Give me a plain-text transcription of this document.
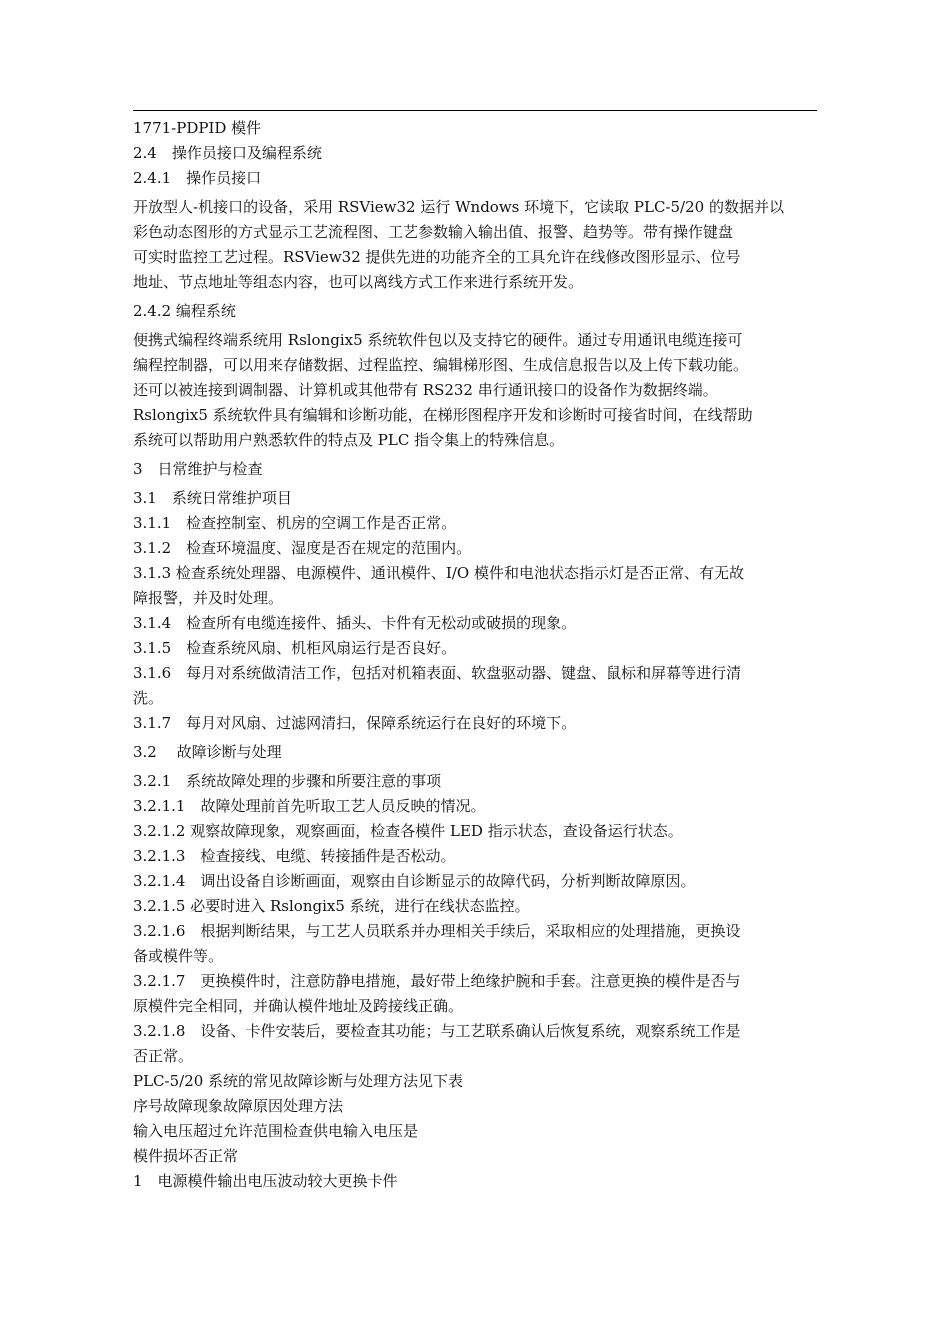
1771-PDPID 模件

2.4　操作员接口及编程系统

2.4.1　操作员接口

开放型人-机接口的设备，采用 RSView32 运行 Wndows 环境下，它读取 PLC-5/20 的数据并以

彩色动态图形的方式显示工艺流程图、工艺参数输入输出值、报警、趋势等。带有操作键盘

可实时监控工艺过程。RSView32 提供先进的功能齐全的工具允许在线修改图形显示、位号

地址、节点地址等组态内容，也可以离线方式工作来进行系统开发。

2.4.2 编程系统

便携式编程终端系统用 Rslongix5 系统软件包以及支持它的硬件。通过专用通讯电缆连接可

编程控制器，可以用来存储数据、过程监控、编辑梯形图、生成信息报告以及上传下载功能。

还可以被连接到调制器、计算机或其他带有 RS232 串行通讯接口的设备作为数据终端。

Rslongix5 系统软件具有编辑和诊断功能，在梯形图程序开发和诊断时可接省时间，在线帮助

系统可以帮助用户熟悉软件的特点及 PLC 指令集上的特殊信息。

3　日常维护与检查

3.1　系统日常维护项目

3.1.1　检查控制室、机房的空调工作是否正常。

3.1.2　检查环境温度、湿度是否在规定的范围内。

3.1.3 检查系统处理器、电源模件、通讯模件、I/O 模件和电池状态指示灯是否正常、有无故

障报警，并及时处理。

3.1.4　检查所有电缆连接件、插头、卡件有无松动或破损的现象。

3.1.5　检查系统风扇、机柜风扇运行是否良好。

3.1.6　每月对系统做清洁工作，包括对机箱表面、软盘驱动器、键盘、鼠标和屏幕等进行清

洗。

3.1.7　每月对风扇、过滤网清扫，保障系统运行在良好的环境下。

3.2　 故障诊断与处理

3.2.1　系统故障处理的步骤和所要注意的事项

3.2.1.1　故障处理前首先听取工艺人员反映的情况。

3.2.1.2 观察故障现象，观察画面，检查各模件 LED 指示状态，查设备运行状态。

3.2.1.3　检查接线、电缆、转接插件是否松动。

3.2.1.4　调出设备自诊断画面，观察由自诊断显示的故障代码，分析判断故障原因。

3.2.1.5 必要时进入 Rslongix5 系统，进行在线状态监控。

3.2.1.6　根据判断结果，与工艺人员联系并办理相关手续后，采取相应的处理措施，更换设

备或模件等。

3.2.1.7　更换模件时，注意防静电措施，最好带上绝缘护腕和手套。注意更换的模件是否与

原模件完全相同，并确认模件地址及跨接线正确。

3.2.1.8　设备、卡件安装后，要检查其功能；与工艺联系确认后恢复系统，观察系统工作是

否正常。

PLC-5/20 系统的常见故障诊断与处理方法见下表

序号故障现象故障原因处理方法

输入电压超过允许范围检查供电输入电压是

模件损坏否正常

1　电源模件输出电压波动较大更换卡件
